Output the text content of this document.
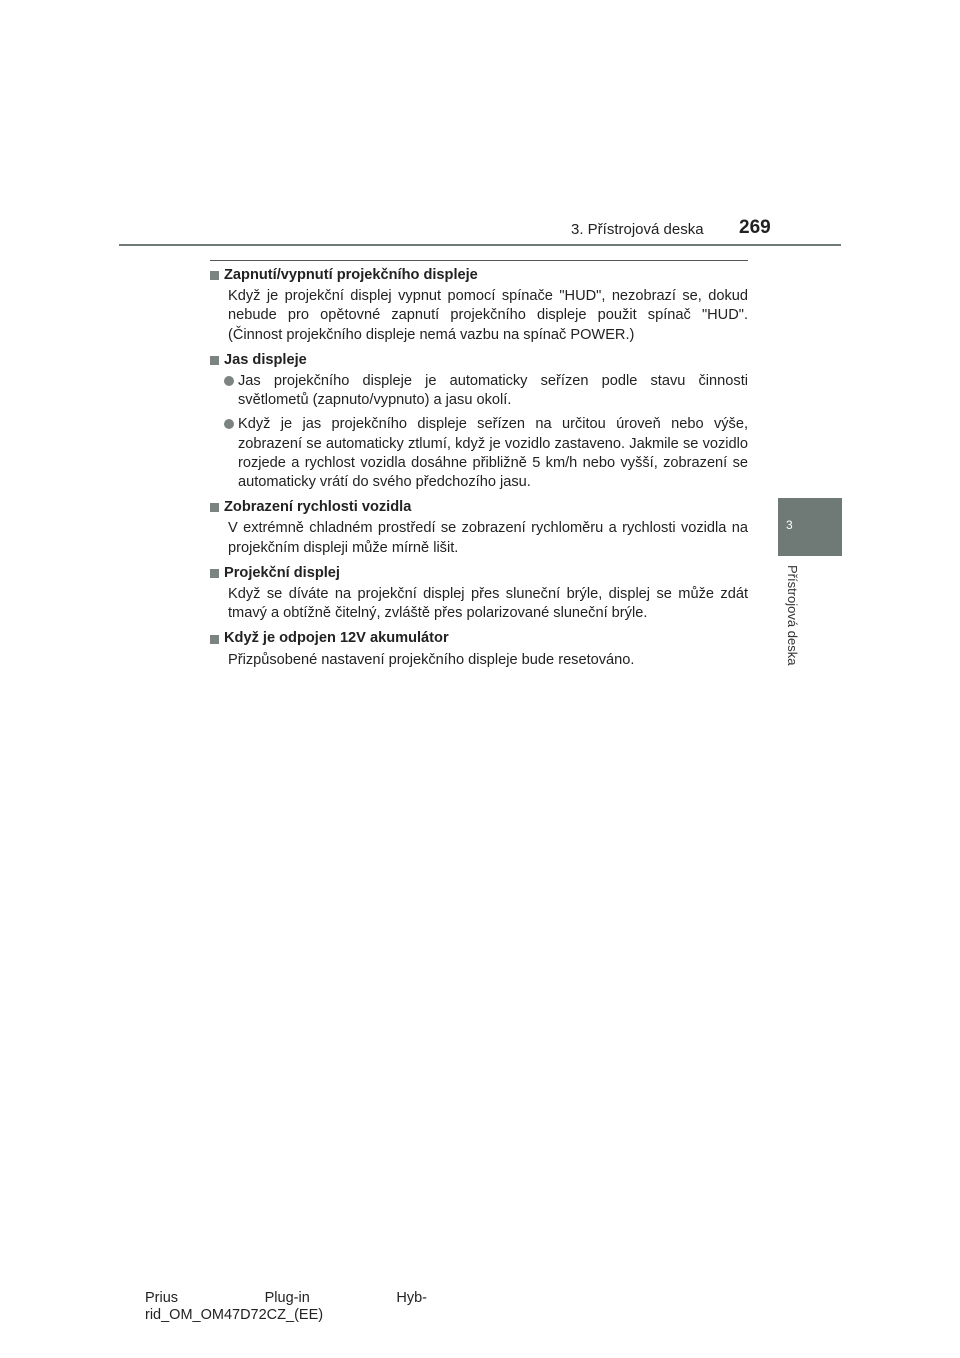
3. Přístrojová deska 269
3
Přístrojová deska
Zapnutí/vypnutí projekčního displeje
Když je projekční displej vypnut pomocí spínače "HUD", nezobrazí se, dokud nebude pro opětovné zapnutí projekčního displeje použit spínač "HUD". (Činnost projekčního displeje nemá vazbu na spínač POWER.)
Jas displeje
Jas projekčního displeje je automaticky seřízen podle stavu činnosti světlometů (zapnuto/vypnuto) a jasu okolí.
Když je jas projekčního displeje seřízen na určitou úroveň nebo výše, zobrazení se automaticky ztlumí, když je vozidlo zastaveno. Jakmile se vozidlo rozjede a rychlost vozidla dosáhne přibližně 5 km/h nebo vyšší, zobrazení se automaticky vrátí do svého předchozího jasu.
Zobrazení rychlosti vozidla
V extrémně chladném prostředí se zobrazení rychloměru a rychlosti vozidla na projekčním displeji může mírně lišit.
Projekční displej
Když se díváte na projekční displej přes sluneční brýle, displej se může zdát tmavý a obtížně čitelný, zvláště přes polarizované sluneční brýle.
Když je odpojen 12V akumulátor
Přizpůsobené nastavení projekčního displeje bude resetováno.
Prius	Plug-in	Hyb-
rid_OM_OM47D72CZ_(EE)
